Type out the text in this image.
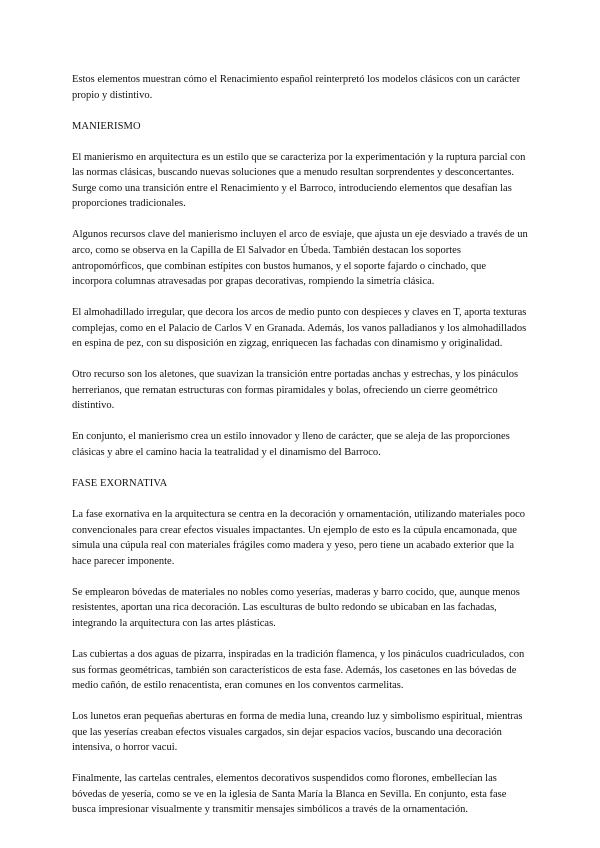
Estos elementos muestran cómo el Renacimiento español reinterpretó los modelos clásicos con un carácter propio y distintivo.

MANIERISMO

El manierismo en arquitectura es un estilo que se caracteriza por la experimentación y la ruptura parcial con las normas clásicas, buscando nuevas soluciones que a menudo resultan sorprendentes y desconcertantes. Surge como una transición entre el Renacimiento y el Barroco, introduciendo elementos que desafían las proporciones tradicionales.

Algunos recursos clave del manierismo incluyen el arco de esviaje, que ajusta un eje desviado a través de un arco, como se observa en la Capilla de El Salvador en Úbeda. También destacan los soportes antropomórficos, que combinan estípites con bustos humanos, y el soporte fajardo o cinchado, que incorpora columnas atravesadas por grapas decorativas, rompiendo la simetría clásica.

El almohadillado irregular, que decora los arcos de medio punto con despieces y claves en T, aporta texturas complejas, como en el Palacio de Carlos V en Granada. Además, los vanos palladianos y los almohadillados en espina de pez, con su disposición en zigzag, enriquecen las fachadas con dinamismo y originalidad.

Otro recurso son los aletones, que suavizan la transición entre portadas anchas y estrechas, y los pináculos herrerianos, que rematan estructuras con formas piramidales y bolas, ofreciendo un cierre geométrico distintivo.

En conjunto, el manierismo crea un estilo innovador y lleno de carácter, que se aleja de las proporciones clásicas y abre el camino hacia la teatralidad y el dinamismo del Barroco.

FASE EXORNATIVA

La fase exornativa en la arquitectura se centra en la decoración y ornamentación, utilizando materiales poco convencionales para crear efectos visuales impactantes. Un ejemplo de esto es la cúpula encamonada, que simula una cúpula real con materiales frágiles como madera y yeso, pero tiene un acabado exterior que la hace parecer imponente.

Se emplearon bóvedas de materiales no nobles como yeserías, maderas y barro cocido, que, aunque menos resistentes, aportan una rica decoración. Las esculturas de bulto redondo se ubicaban en las fachadas, integrando la arquitectura con las artes plásticas.

Las cubiertas a dos aguas de pizarra, inspiradas en la tradición flamenca, y los pináculos cuadriculados, con sus formas geométricas, también son característicos de esta fase. Además, los casetones en las bóvedas de medio cañón, de estilo renacentista, eran comunes en los conventos carmelitas.

Los lunetos eran pequeñas aberturas en forma de media luna, creando luz y simbolismo espiritual, mientras que las yeserías creaban efectos visuales cargados, sin dejar espacios vacíos, buscando una decoración intensiva, o horror vacui.

Finalmente, las cartelas centrales, elementos decorativos suspendidos como florones, embellecían las bóvedas de yesería, como se ve en la iglesia de Santa María la Blanca en Sevilla. En conjunto, esta fase busca impresionar visualmente y transmitir mensajes simbólicos a través de la ornamentación.
